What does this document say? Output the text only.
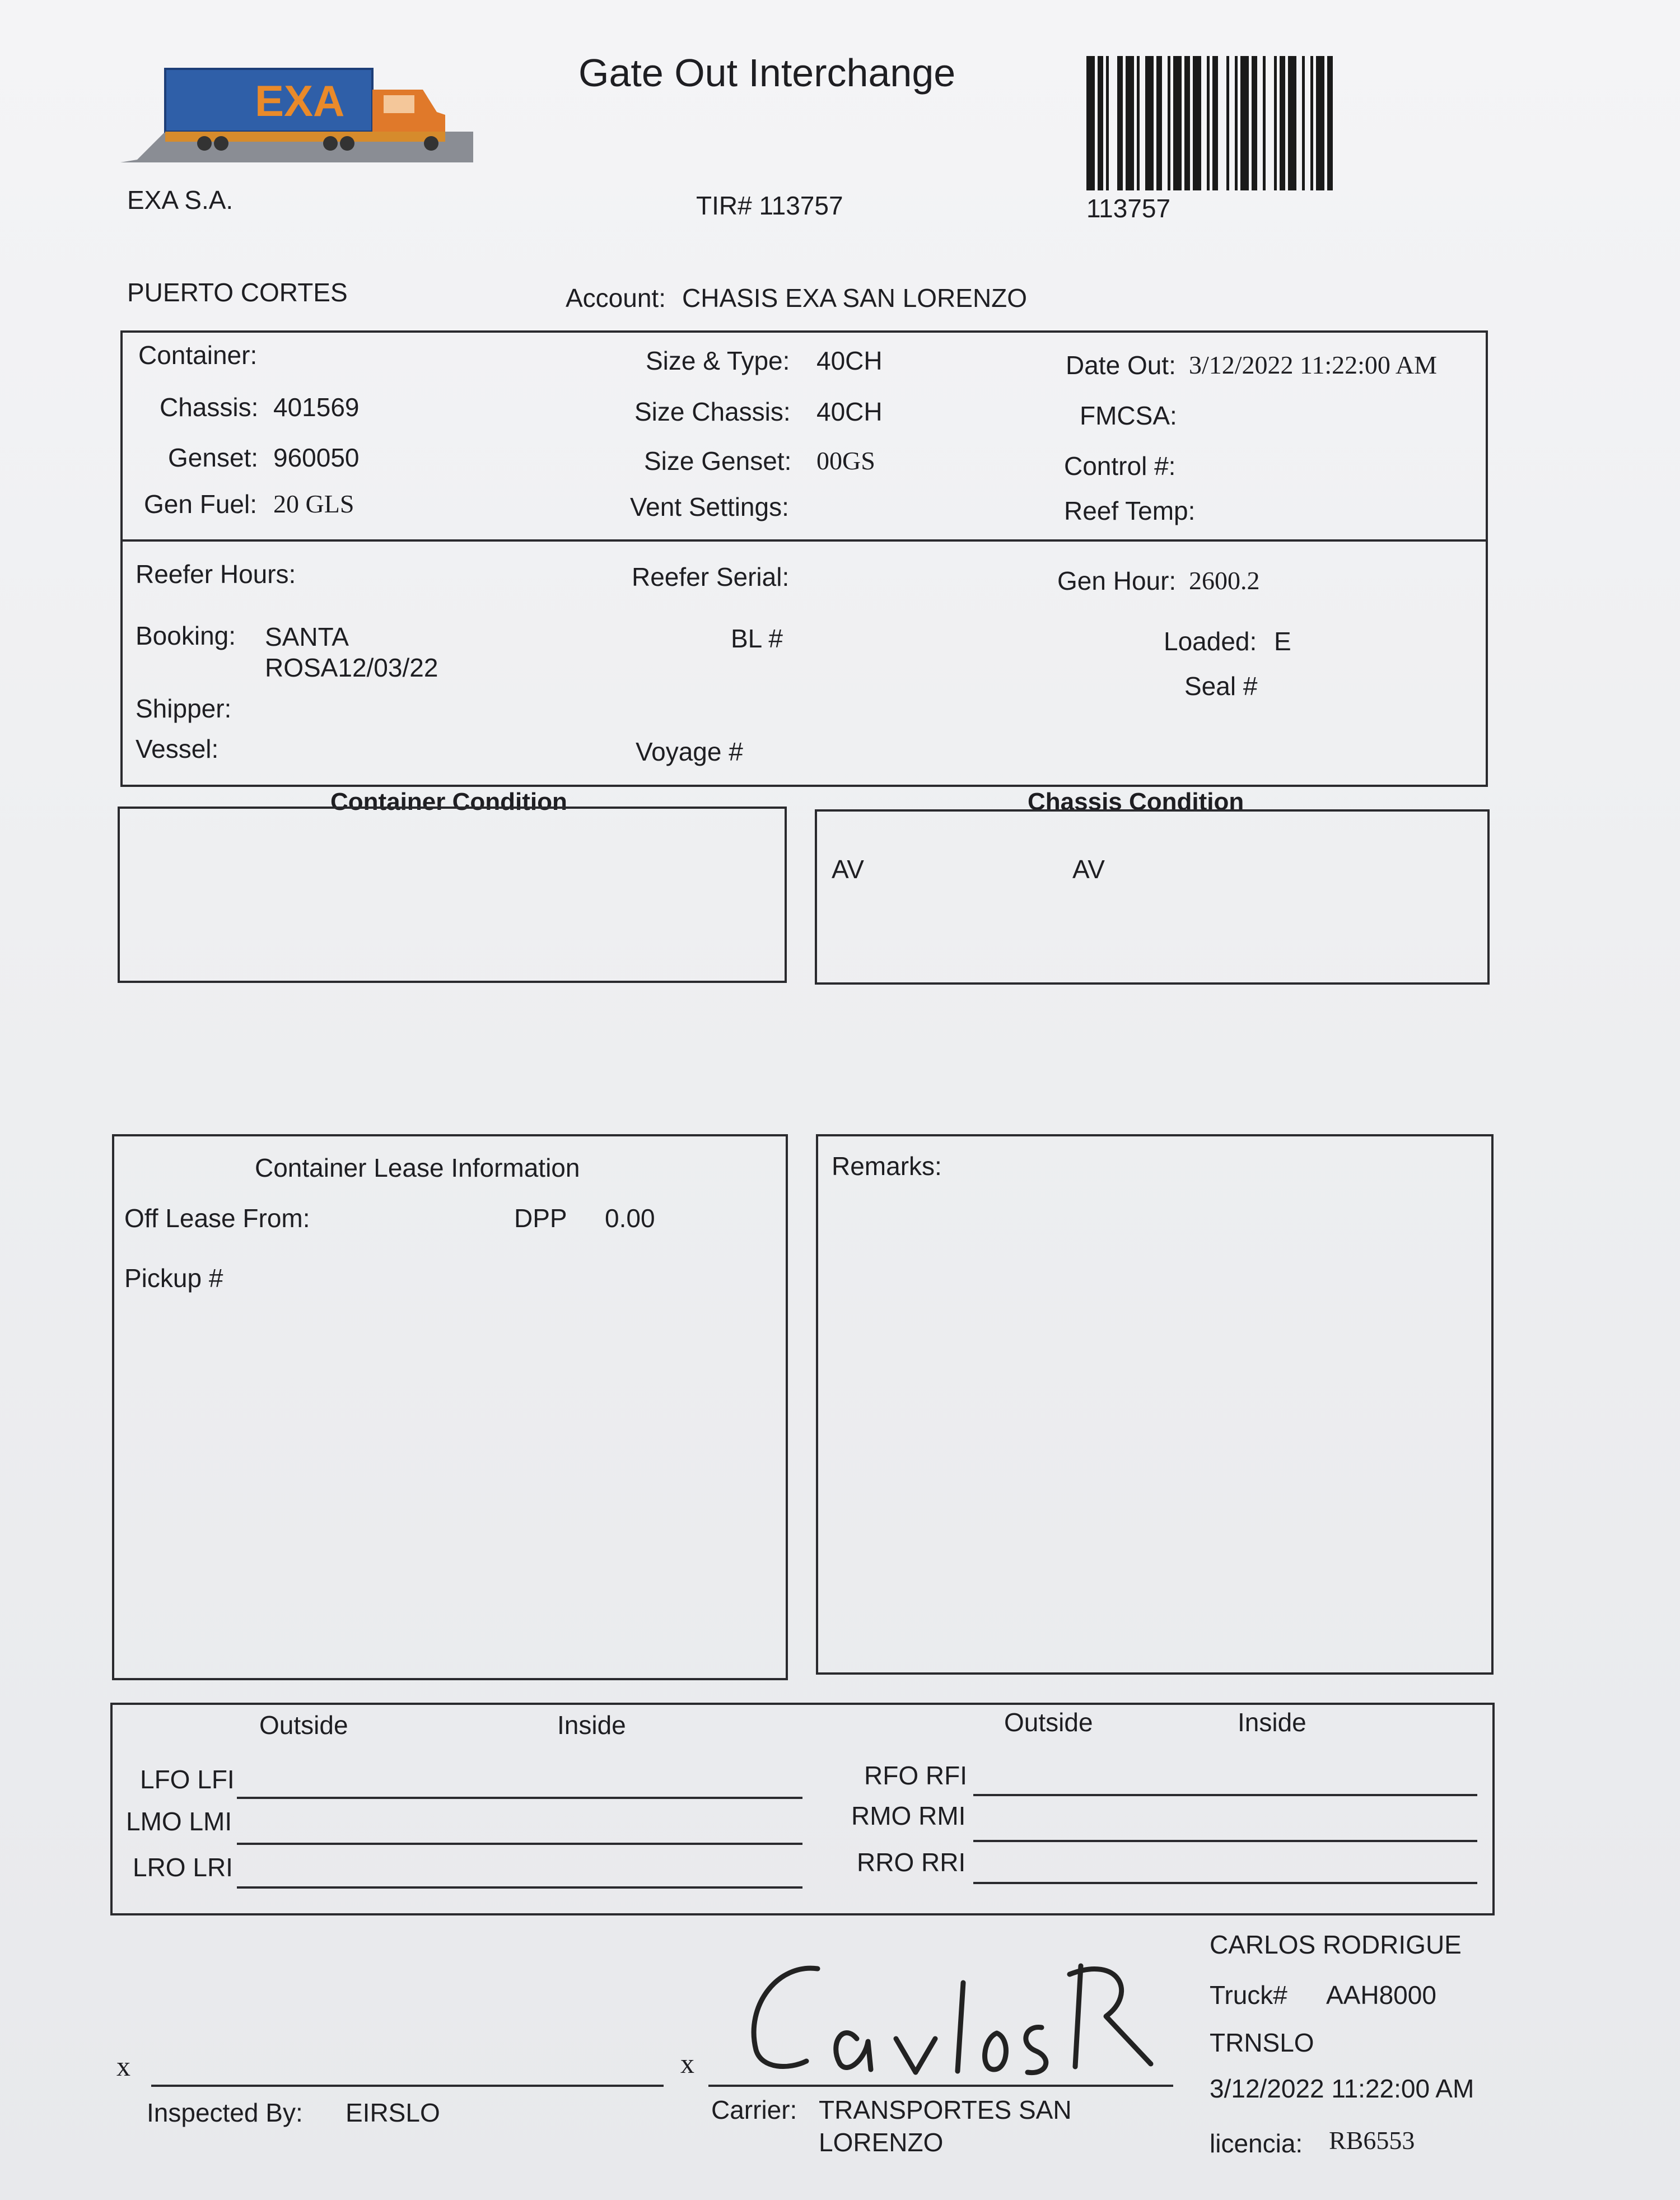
EXA
Gate Out Interchange
113757
EXA S.A.	TIR# 113757
PUERTO CORTES	Account: CHASIS EXA SAN LORENZO
Container:
Chassis: 401569
Genset: 960050
Gen Fuel: 20 GLS
Size & Type: 40CH
Size Chassis: 40CH
Size Genset: 00GS
Vent Settings:
Date Out: 3/12/2022 11:22:00 AM
FMCSA:
Control #:
Reef Temp:
Reefer Hours:	Reefer Serial:	Gen Hour: 2600.2
Booking: SANTA
ROSA12/03/22
BL #	Loaded: E
Seal #
Shipper:
Vessel:	Voyage #
Container Condition	Chassis Condition
AV	AV
Container Lease Information
Off Lease From:	DPP 0.00
Pickup #
Remarks:
Outside	Inside	Outside	Inside
LFO LFI
LMO LMI
LRO LRI
RFO RFI
RMO RMI
RRO RRI
x
Inspected By: EIRSLO
x
Carrier: TRANSPORTES SAN
LORENZO
CARLOS RODRIGUE
Truck# AAH8000
TRNSLO
3/12/2022 11:22:00 AM
licencia: RB6553
